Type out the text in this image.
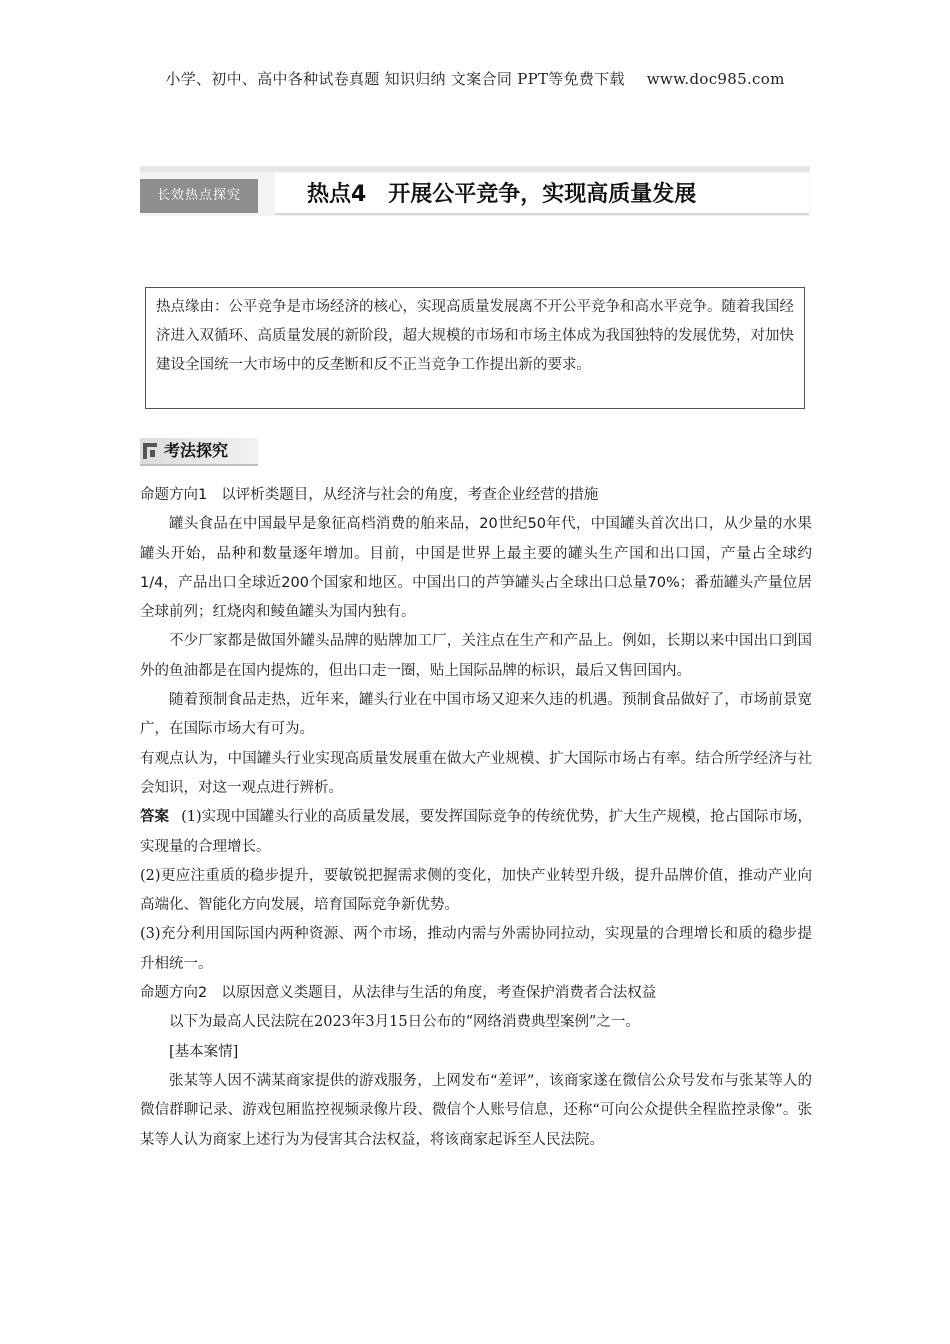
小学、初中、高中各种试卷真题 知识归纳 文案合同 PPT等免费下载 www.doc985.com
长效热点探究	热点4　开展公平竞争，实现高质量发展
热点缘由：公平竞争是市场经济的核心，实现高质量发展离不开公平竞争和高水平竞争。随着我国经济进入双循环、高质量发展的新阶段，超大规模的市场和市场主体成为我国独特的发展优势，对加快建设全国统一大市场中的反垄断和反不正当竞争工作提出新的要求。
考法探究

命题方向1 以评析类题目，从经济与社会的角度，考查企业经营的措施

罐头食品在中国最早是象征高档消费的舶来品，20世纪50年代，中国罐头首次出口，从少量的水果罐头开始，品种和数量逐年增加。目前，中国是世界上最主要的罐头生产国和出口国，产量占全球约1/4，产品出口全球近200个国家和地区。中国出口的芦笋罐头占全球出口总量70%；番茄罐头产量位居全球前列；红烧肉和鲮鱼罐头为国内独有。

不少厂家都是做国外罐头品牌的贴牌加工厂，关注点在生产和产品上。例如，长期以来中国出口到国外的鱼油都是在国内提炼的，但出口走一圈，贴上国际品牌的标识，最后又售回国内。

随着预制食品走热，近年来，罐头行业在中国市场又迎来久违的机遇。预制食品做好了，市场前景宽广，在国际市场大有可为。

有观点认为，中国罐头行业实现高质量发展重在做大产业规模、扩大国际市场占有率。结合所学经济与社会知识，对这一观点进行辨析。

答案 (1)实现中国罐头行业的高质量发展，要发挥国际竞争的传统优势，扩大生产规模，抢占国际市场，实现量的合理增长。

(2)更应注重质的稳步提升，要敏锐把握需求侧的变化，加快产业转型升级，提升品牌价值，推动产业向高端化、智能化方向发展，培育国际竞争新优势。

(3)充分利用国际国内两种资源、两个市场，推动内需与外需协同拉动，实现量的合理增长和质的稳步提升相统一。

命题方向2 以原因意义类题目，从法律与生活的角度，考查保护消费者合法权益

以下为最高人民法院在2023年3月15日公布的“网络消费典型案例”之一。

[基本案情]

张某等人因不满某商家提供的游戏服务，上网发布“差评”，该商家遂在微信公众号发布与张某等人的微信群聊记录、游戏包厢监控视频录像片段、微信个人账号信息，还称“可向公众提供全程监控录像”。张某等人认为商家上述行为为侵害其合法权益，将该商家起诉至人民法院。
